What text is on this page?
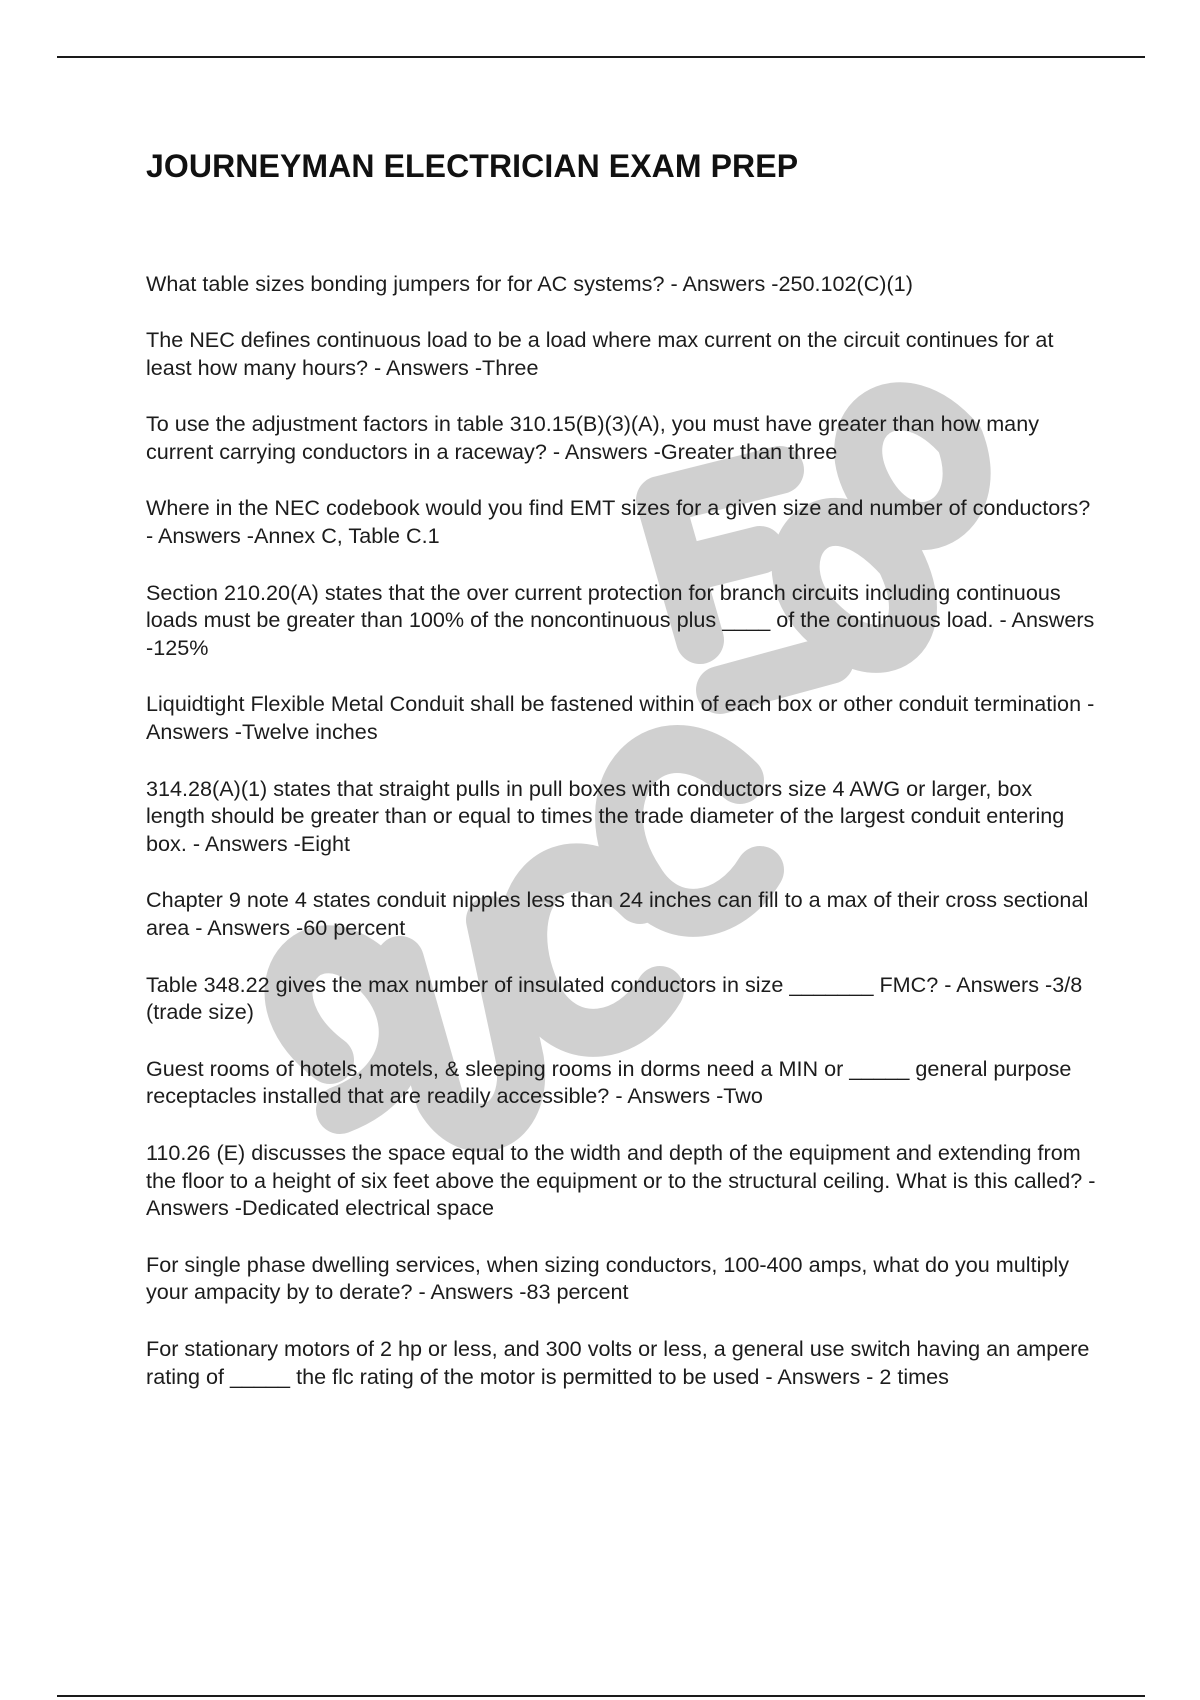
JOURNEYMAN ELECTRICIAN EXAM PREP
What table sizes bonding jumpers for for AC systems? - Answers -250.102(C)(1)
The NEC defines continuous load to be a load where max current on the circuit continues for at least how many hours? - Answers -Three
To use the adjustment factors in table 310.15(B)(3)(A), you must have greater than how many current carrying conductors in a raceway? - Answers -Greater than three
Where in the NEC codebook would you find EMT sizes for a given size and number of conductors? - Answers -Annex C, Table C.1
Section 210.20(A) states that the over current protection for branch circuits including continuous loads must be greater than 100% of the noncontinuous plus ____ of the continuous load. - Answers -125%
Liquidtight Flexible Metal Conduit shall be fastened within of each box or other conduit termination - Answers -Twelve inches
314.28(A)(1) states that straight pulls in pull boxes with conductors size 4 AWG or larger, box length should be greater than or equal to times the trade diameter of the largest conduit entering box. - Answers -Eight
Chapter 9 note 4 states conduit nipples less than 24 inches can fill to a max of their cross sectional area - Answers -60 percent
Table 348.22 gives the max number of insulated conductors in size _______ FMC? - Answers -3/8 (trade size)
Guest rooms of hotels, motels, & sleeping rooms in dorms need a MIN or _____ general purpose receptacles installed that are readily accessible? - Answers -Two
110.26 (E) discusses the space equal to the width and depth of the equipment and extending from the floor to a height of six feet above the equipment or to the structural ceiling. What is this called? - Answers -Dedicated electrical space
For single phase dwelling services, when sizing conductors, 100-400 amps, what do you multiply your ampacity by to derate? - Answers -83 percent
For stationary motors of 2 hp or less, and 300 volts or less, a general use switch having an ampere rating of _____ the flc rating of the motor is permitted to be used - Answers - 2 times
